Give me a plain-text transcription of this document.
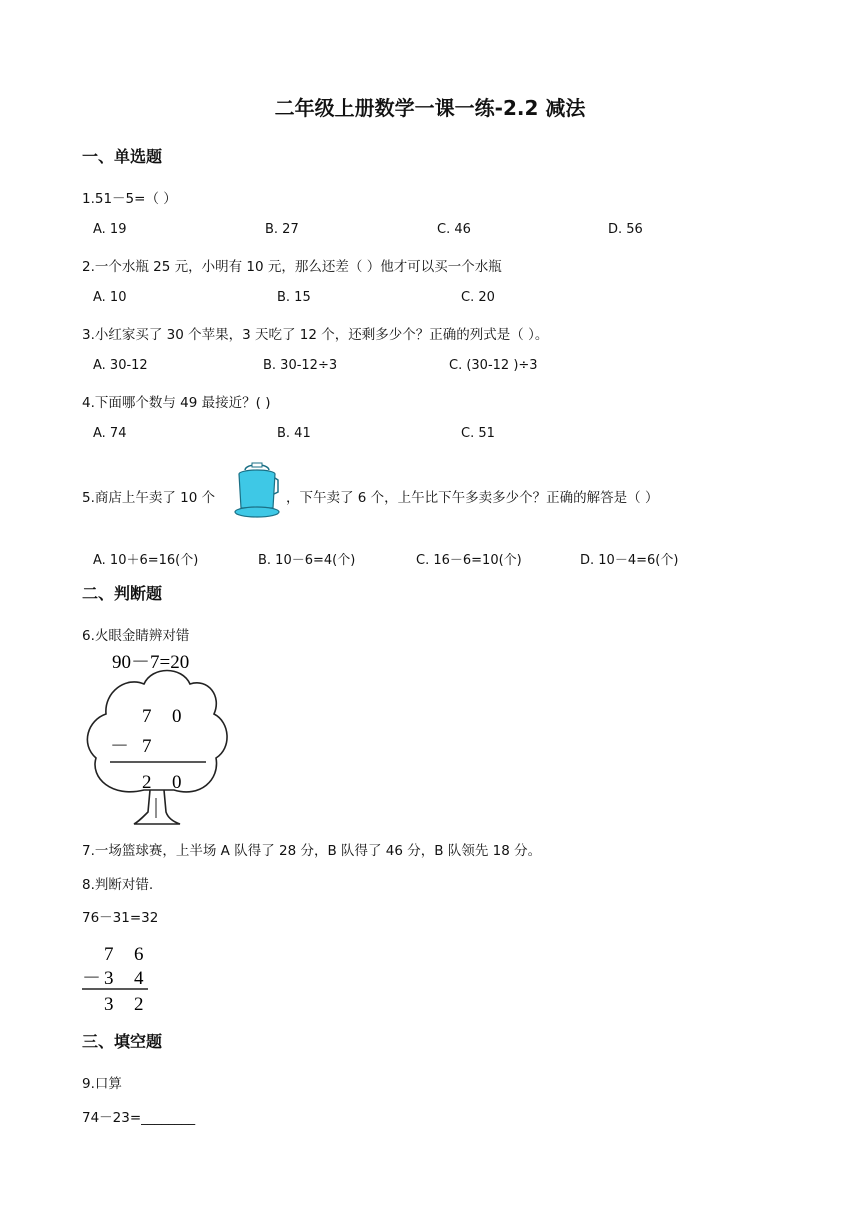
二年级上册数学一课一练-2.2 减法
一、单选题
1.51－5=（ ）
A. 19	B. 27	C. 46	D. 56
2.一个水瓶 25 元，小明有 10 元，那么还差（ ）他才可以买一个水瓶
A. 10	B. 15	C. 20
3.小红家买了 30 个苹果，3 天吃了 12 个，还剩多少个？正确的列式是（ ）。
A. 30-12	B. 30-12÷3	C. (30-12 )÷3
4.下面哪个数与 49 最接近？( )
A. 74	B. 41	C. 51
5.商店上午卖了 10 个	，下午卖了 6 个，上午比下午多卖多少个？正确的解答是（ ）
A. 10＋6=16(个)	B. 10－6=4(个)	C. 16－6=10(个)	D. 10－4=6(个)
二、判断题
6.火眼金睛辨对错
90－7=20
7 0
－ 7
2 0
7.一场篮球赛，上半场 A 队得了 28 分，B 队得了 46 分，B 队领先 18 分。
8.判断对错.
76－31=32
7 6
－ 3 4
3 2
三、填空题
9.口算
74－23=________
